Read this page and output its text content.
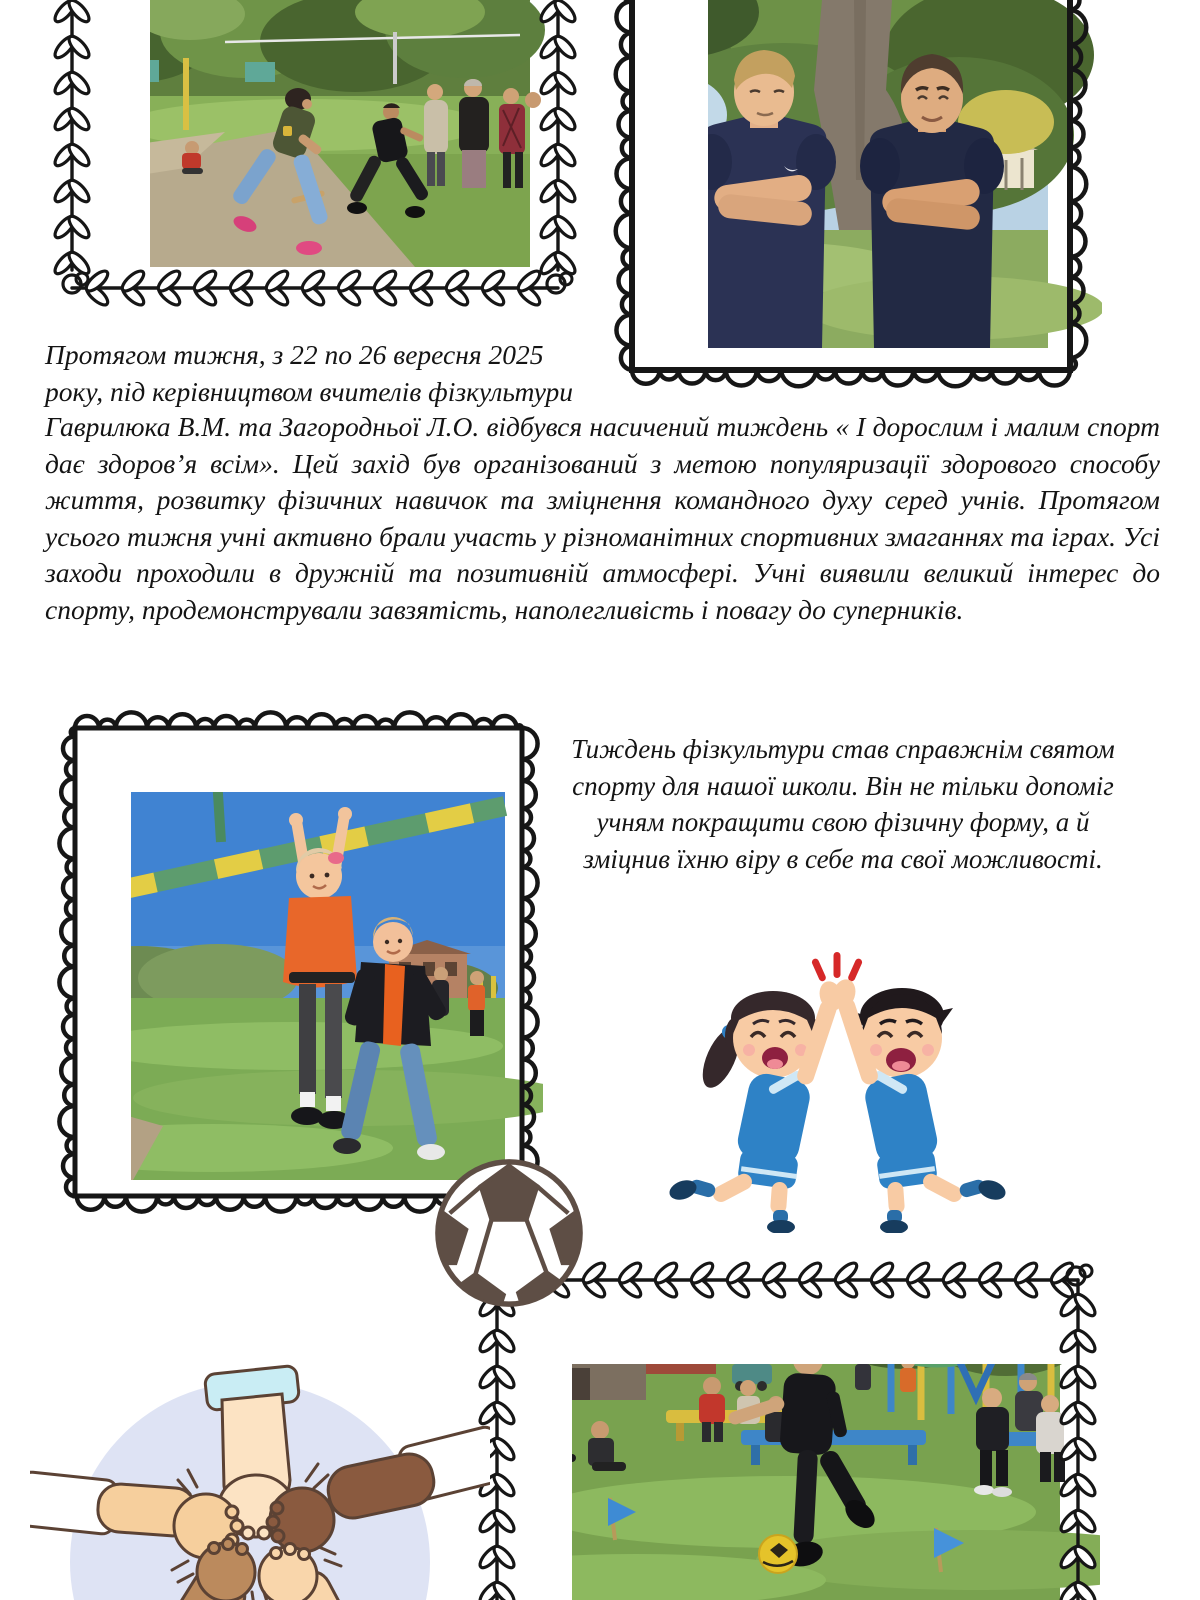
Протягом тижня, з 22 по 26 вересня 2025 року, під керівництвом вчителів фізкультури
Гаврилюка В.М. та Загородньої Л.О. відбувся насичений тиждень « І дорослим і малим спорт дає здоров’я всім». Цей захід був організований з метою популяризації здорового способу життя, розвитку фізичних навичок та зміцнення командного духу серед учнів. Протягом усього тижня учні активно брали участь у різноманітних спортивних змаганнях та іграх. Усі заходи проходили в дружній та позитивній атмосфері. Учні виявили великий інтерес до спорту, продемонстрували завзятість, наполегливість і повагу до суперників.
Тиждень фізкультури став справжнім святом спорту для нашої школи. Він не тільки допоміг учням покращити свою фізичну форму, а й зміцнив їхню віру в себе та свої можливості.
